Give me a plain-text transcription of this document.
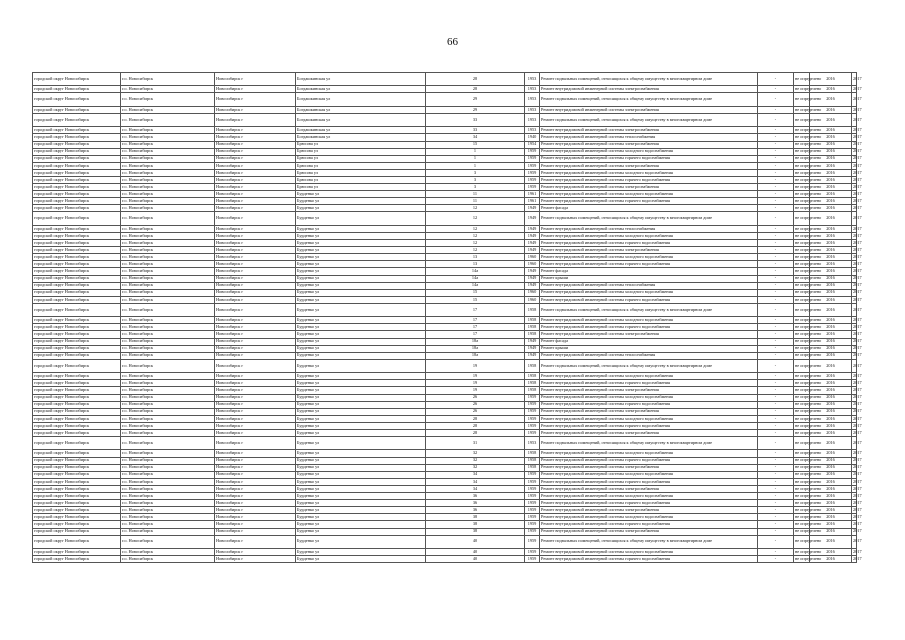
66
городской округ Новосибирск	г.о. Новосибирск	Новосибирск г	Богдашкинская ул	28	1953	Ремонт подвальных помещений, относящихся к общему имуществу в многоквартирном доме	-	не определено	2016	2017
городской округ Новосибирск	г.о. Новосибирск	Новосибирск г	Богдашкинская ул	28	1953	Ремонт внутридомовой инженерной системы электроснабжения	-	не определено	2016	2017
городской округ Новосибирск	г.о. Новосибирск	Новосибирск г	Богдашкинская ул	29	1953	Ремонт подвальных помещений, относящихся к общему имуществу в многоквартирном доме	-	не определено	2016	2017
городской округ Новосибирск	г.о. Новосибирск	Новосибирск г	Богдашкинская ул	29	1953	Ремонт внутридомовой инженерной системы электроснабжения	-	не определено	2016	2017
городской округ Новосибирск	г.о. Новосибирск	Новосибирск г	Богдашкинская ул	33	1953	Ремонт подвальных помещений, относящихся к общему имуществу в многоквартирном доме	-	не определено	2016	2017
городской округ Новосибирск	г.о. Новосибирск	Новосибирск г	Богдашкинская ул	33	1953	Ремонт внутридомовой инженерной системы электроснабжения	-	не определено	2016	2017
городской округ Новосибирск	г.о. Новосибирск	Новосибирск г	Богдашкинская ул	34	1940	Ремонт внутридомовой инженерной системы теплоснабжения	-	не определено	2016	2017
городской округ Новосибирск	г.о. Новосибирск	Новосибирск г	Брюсова ул	15	1954	Ремонт внутридомовой инженерной системы электроснабжения	-	не определено	2016	2017
городской округ Новосибирск	г.о. Новосибирск	Новосибирск г	Брюсова ул	1	1959	Ремонт внутридомовой инженерной системы холодного водоснабжения	-	не определено	2016	2017
городской округ Новосибирск	г.о. Новосибирск	Новосибирск г	Брюсова ул	1	1959	Ремонт внутридомовой инженерной системы горячего водоснабжения	-	не определено	2016	2017
городской округ Новосибирск	г.о. Новосибирск	Новосибирск г	Брюсова ул	1	1959	Ремонт внутридомовой инженерной системы электроснабжения	-	не определено	2016	2017
городской округ Новосибирск	г.о. Новосибирск	Новосибирск г	Брюсова ул	3	1959	Ремонт внутридомовой инженерной системы холодного водоснабжения	-	не определено	2016	2017
городской округ Новосибирск	г.о. Новосибирск	Новосибирск г	Брюсова ул	3	1959	Ремонт внутридомовой инженерной системы горячего водоснабжения	-	не определено	2016	2017
городской округ Новосибирск	г.о. Новосибирск	Новосибирск г	Брюсова ул	3	1959	Ремонт внутридомовой инженерной системы электроснабжения	-	не определено	2016	2017
городской округ Новосибирск	г.о. Новосибирск	Новосибирск г	Бурденко ул	11	1961	Ремонт внутридомовой инженерной системы холодного водоснабжения	-	не определено	2016	2017
городской округ Новосибирск	г.о. Новосибирск	Новосибирск г	Бурденко ул	11	1961	Ремонт внутридомовой инженерной системы горячего водоснабжения	-	не определено	2016	2017
городской округ Новосибирск	г.о. Новосибирск	Новосибирск г	Бурденко ул	12	1949	Ремонт фасада	-	не определено	2016	2017
городской округ Новосибирск	г.о. Новосибирск	Новосибирск г	Бурденко ул	12	1949	Ремонт подвальных помещений, относящихся к общему имуществу в многоквартирном доме	-	не определено	2016	2017
городской округ Новосибирск	г.о. Новосибирск	Новосибирск г	Бурденко ул	12	1949	Ремонт внутридомовой инженерной системы теплоснабжения	-	не определено	2016	2017
городской округ Новосибирск	г.о. Новосибирск	Новосибирск г	Бурденко ул	12	1949	Ремонт внутридомовой инженерной системы холодного водоснабжения	-	не определено	2016	2017
городской округ Новосибирск	г.о. Новосибирск	Новосибирск г	Бурденко ул	12	1949	Ремонт внутридомовой инженерной системы горячего водоснабжения	-	не определено	2016	2017
городской округ Новосибирск	г.о. Новосибирск	Новосибирск г	Бурденко ул	12	1949	Ремонт внутридомовой инженерной системы электроснабжения	-	не определено	2016	2017
городской округ Новосибирск	г.о. Новосибирск	Новосибирск г	Бурденко ул	13	1960	Ремонт внутридомовой инженерной системы холодного водоснабжения	-	не определено	2016	2017
городской округ Новосибирск	г.о. Новосибирск	Новосибирск г	Бурденко ул	13	1960	Ремонт внутридомовой инженерной системы горячего водоснабжения	-	не определено	2016	2017
городской округ Новосибирск	г.о. Новосибирск	Новосибирск г	Бурденко ул	14а	1949	Ремонт фасада	-	не определено	2016	2017
городской округ Новосибирск	г.о. Новосибирск	Новосибирск г	Бурденко ул	14а	1949	Ремонт крыши	-	не определено	2016	2017
городской округ Новосибирск	г.о. Новосибирск	Новосибирск г	Бурденко ул	14а	1949	Ремонт внутридомовой инженерной системы теплоснабжения	-	не определено	2016	2017
городской округ Новосибирск	г.о. Новосибирск	Новосибирск г	Бурденко ул	15	1960	Ремонт внутридомовой инженерной системы холодного водоснабжения	-	не определено	2016	2017
городской округ Новосибирск	г.о. Новосибирск	Новосибирск г	Бурденко ул	15	1960	Ремонт внутридомовой инженерной системы горячего водоснабжения	-	не определено	2016	2017
городской округ Новосибирск	г.о. Новосибирск	Новосибирск г	Бурденко ул	17	1958	Ремонт подвальных помещений, относящихся к общему имуществу в многоквартирном доме	-	не определено	2016	2017
городской округ Новосибирск	г.о. Новосибирск	Новосибирск г	Бурденко ул	17	1958	Ремонт внутридомовой инженерной системы холодного водоснабжения	-	не определено	2016	2017
городской округ Новосибирск	г.о. Новосибирск	Новосибирск г	Бурденко ул	17	1958	Ремонт внутридомовой инженерной системы горячего водоснабжения	-	не определено	2016	2017
городской округ Новосибирск	г.о. Новосибирск	Новосибирск г	Бурденко ул	17	1958	Ремонт внутридомовой инженерной системы электроснабжения	-	не определено	2016	2017
городской округ Новосибирск	г.о. Новосибирск	Новосибирск г	Бурденко ул	18а	1949	Ремонт фасада	-	не определено	2016	2017
городской округ Новосибирск	г.о. Новосибирск	Новосибирск г	Бурденко ул	18а	1949	Ремонт крыши	-	не определено	2016	2017
городской округ Новосибирск	г.о. Новосибирск	Новосибирск г	Бурденко ул	18а	1949	Ремонт внутридомовой инженерной системы теплоснабжения	-	не определено	2016	2017
городской округ Новосибирск	г.о. Новосибирск	Новосибирск г	Бурденко ул	19	1958	Ремонт подвальных помещений, относящихся к общему имуществу в многоквартирном доме	-	не определено	2016	2017
городской округ Новосибирск	г.о. Новосибирск	Новосибирск г	Бурденко ул	19	1958	Ремонт внутридомовой инженерной системы холодного водоснабжения	-	не определено	2016	2017
городской округ Новосибирск	г.о. Новосибирск	Новосибирск г	Бурденко ул	19	1958	Ремонт внутридомовой инженерной системы горячего водоснабжения	-	не определено	2016	2017
городской округ Новосибирск	г.о. Новосибирск	Новосибирск г	Бурденко ул	19	1958	Ремонт внутридомовой инженерной системы электроснабжения	-	не определено	2016	2017
городской округ Новосибирск	г.о. Новосибирск	Новосибирск г	Бурденко ул	26	1959	Ремонт внутридомовой инженерной системы холодного водоснабжения	-	не определено	2016	2017
городской округ Новосибирск	г.о. Новосибирск	Новосибирск г	Бурденко ул	26	1959	Ремонт внутридомовой инженерной системы горячего водоснабжения	-	не определено	2016	2017
городской округ Новосибирск	г.о. Новосибирск	Новосибирск г	Бурденко ул	26	1959	Ремонт внутридомовой инженерной системы электроснабжения	-	не определено	2016	2017
городской округ Новосибирск	г.о. Новосибирск	Новосибирск г	Бурденко ул	28	1959	Ремонт внутридомовой инженерной системы холодного водоснабжения	-	не определено	2016	2017
городской округ Новосибирск	г.о. Новосибирск	Новосибирск г	Бурденко ул	28	1959	Ремонт внутридомовой инженерной системы горячего водоснабжения	-	не определено	2016	2017
городской округ Новосибирск	г.о. Новосибирск	Новосибирск г	Бурденко ул	28	1959	Ремонт внутридомовой инженерной системы электроснабжения	-	не определено	2016	2017
городской округ Новосибирск	г.о. Новосибирск	Новосибирск г	Бурденко ул	31	1953	Ремонт подвальных помещений, относящихся к общему имуществу в многоквартирном доме	-	не определено	2016	2017
городской округ Новосибирск	г.о. Новосибирск	Новосибирск г	Бурденко ул	32	1958	Ремонт внутридомовой инженерной системы холодного водоснабжения	-	не определено	2016	2017
городской округ Новосибирск	г.о. Новосибирск	Новосибирск г	Бурденко ул	32	1958	Ремонт внутридомовой инженерной системы горячего водоснабжения	-	не определено	2016	2017
городской округ Новосибирск	г.о. Новосибирск	Новосибирск г	Бурденко ул	32	1958	Ремонт внутридомовой инженерной системы электроснабжения	-	не определено	2016	2017
городской округ Новосибирск	г.о. Новосибирск	Новосибирск г	Бурденко ул	34	1959	Ремонт внутридомовой инженерной системы холодного водоснабжения	-	не определено	2016	2017
городской округ Новосибирск	г.о. Новосибирск	Новосибирск г	Бурденко ул	34	1959	Ремонт внутридомовой инженерной системы горячего водоснабжения	-	не определено	2016	2017
городской округ Новосибирск	г.о. Новосибирск	Новосибирск г	Бурденко ул	34	1959	Ремонт внутридомовой инженерной системы электроснабжения	-	не определено	2016	2017
городской округ Новосибирск	г.о. Новосибирск	Новосибирск г	Бурденко ул	36	1959	Ремонт внутридомовой инженерной системы холодного водоснабжения	-	не определено	2016	2017
городской округ Новосибирск	г.о. Новосибирск	Новосибирск г	Бурденко ул	36	1959	Ремонт внутридомовой инженерной системы горячего водоснабжения	-	не определено	2016	2017
городской округ Новосибирск	г.о. Новосибирск	Новосибирск г	Бурденко ул	36	1959	Ремонт внутридомовой инженерной системы электроснабжения	-	не определено	2016	2017
городской округ Новосибирск	г.о. Новосибирск	Новосибирск г	Бурденко ул	38	1959	Ремонт внутридомовой инженерной системы холодного водоснабжения	-	не определено	2016	2017
городской округ Новосибирск	г.о. Новосибирск	Новосибирск г	Бурденко ул	38	1959	Ремонт внутридомовой инженерной системы горячего водоснабжения	-	не определено	2016	2017
городской округ Новосибирск	г.о. Новосибирск	Новосибирск г	Бурденко ул	38	1959	Ремонт внутридомовой инженерной системы электроснабжения	-	не определено	2016	2017
городской округ Новосибирск	г.о. Новосибирск	Новосибирск г	Бурденко ул	40	1959	Ремонт подвальных помещений, относящихся к общему имуществу в многоквартирном доме	-	не определено	2016	2017
городской округ Новосибирск	г.о. Новосибирск	Новосибирск г	Бурденко ул	40	1959	Ремонт внутридомовой инженерной системы холодного водоснабжения	-	не определено	2016	2017
городской округ Новосибирск	г.о. Новосибирск	Новосибирск г	Бурденко ул	40	1959	Ремонт внутридомовой инженерной системы горячего водоснабжения	-	не определено	2016	2017
